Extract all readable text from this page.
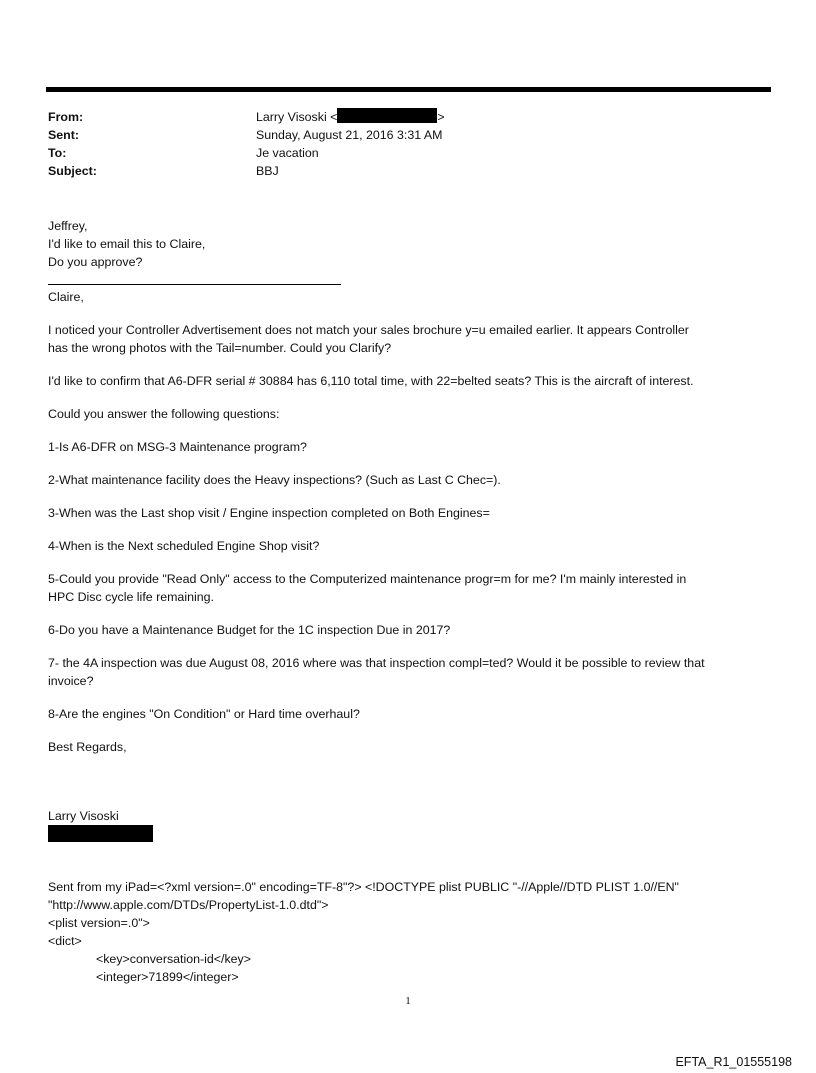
From:	Larry Visoski <	>
Sent:	Sunday, August 21, 2016 3:31 AM
To:	Je vacation
Subject:	BBJ
Jeffrey,
I'd like to email this to Claire,
Do you approve?

Claire,

I noticed your Controller Advertisement does not match your sales brochure y=u emailed earlier. It appears Controller
has the wrong photos with the Tail=number. Could you Clarify?

I'd like to confirm that A6-DFR serial # 30884 has 6,110 total time, with 22=belted seats? This is the aircraft of interest.

Could you answer the following questions:

1-Is A6-DFR on MSG-3 Maintenance program?

2-What maintenance facility does the Heavy inspections? (Such as Last C Chec=).

3-When was the Last shop visit / Engine inspection completed on Both Engines=

4-When is the Next scheduled Engine Shop visit?

5-Could you provide "Read Only" access to the Computerized maintenance progr=m for me? I'm mainly interested in
HPC Disc cycle life remaining.

6-Do you have a Maintenance Budget for the 1C inspection Due in 2017?

7- the 4A inspection was due August 08, 2016 where was that inspection compl=ted? Would it be possible to review that
invoice?

8-Are the engines "On Condition" or Hard time overhaul?

Best Regards,

Larry Visoski
Sent from my iPad=<?xml version=.0" encoding=TF-8"?> <!DOCTYPE plist PUBLIC "-//Apple//DTD PLIST 1.0//EN"
"http://www.apple.com/DTDs/PropertyList-1.0.dtd">
<plist version=.0">
<dict>
<key>conversation-id</key>
<integer>71899</integer>
1
EFTA_R1_01555198
